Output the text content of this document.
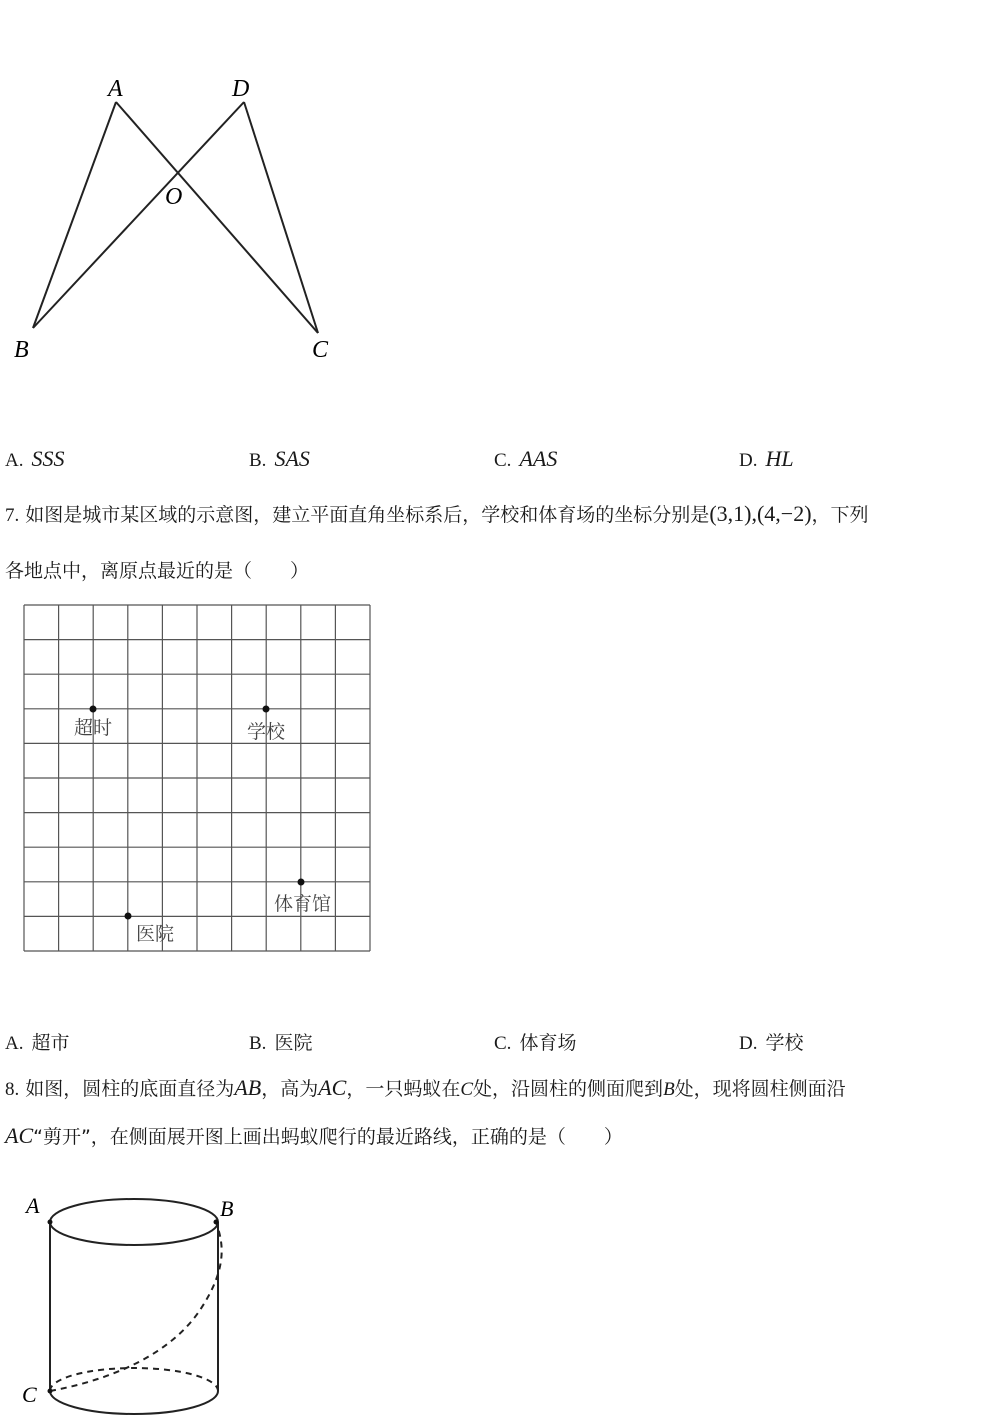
A	D
O
B	C
A. SSS	B. SAS	C. AAS	D. HL
7. 如图是城市某区域的示意图，建立平面直角坐标系后，学校和体育场的坐标分别是(3,1),(4,−2)，下列
各地点中，离原点最近的是（　　）
超时	学校
体育馆
医院
A. 超市	B. 医院	C. 体育场	D. 学校
8. 如图，圆柱的底面直径为AB，高为AC，一只蚂蚁在C处，沿圆柱的侧面爬到B处，现将圆柱侧面沿
AC“剪开”，在侧面展开图上画出蚂蚁爬行的最近路线，正确的是（　　）
A	B
C
